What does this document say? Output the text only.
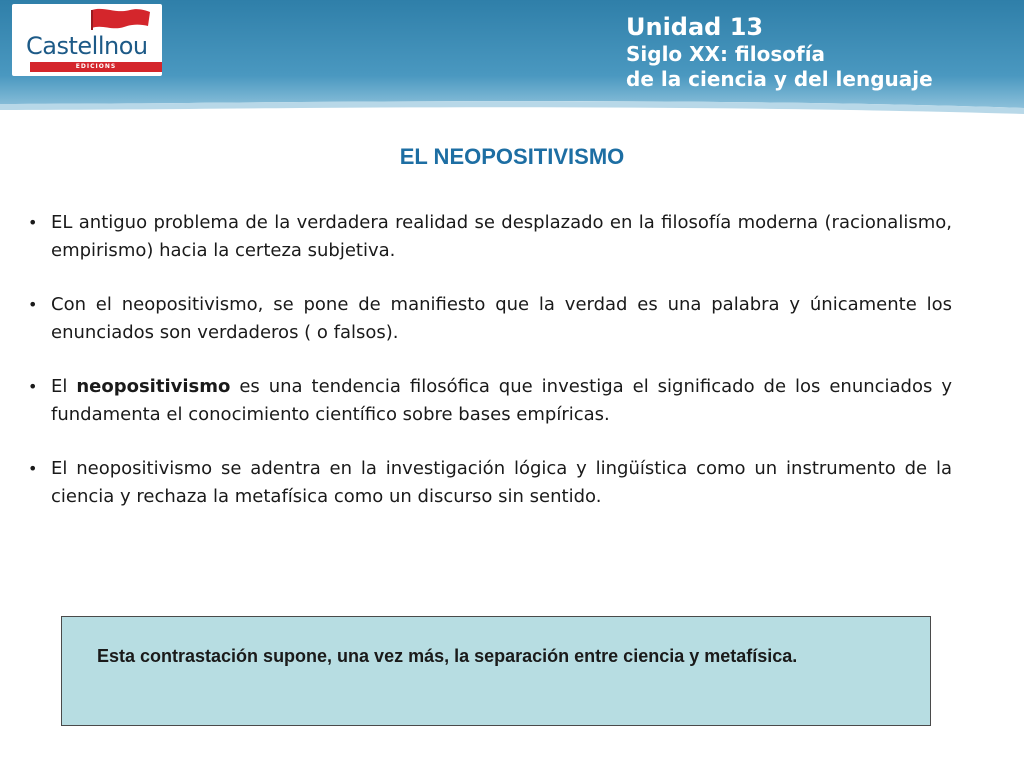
Castellnou
EDICIONS
Unidad 13
Siglo XX: filosofía
de la ciencia y del lenguaje
EL NEOPOSITIVISMO
• EL antiguo problema de la verdadera realidad se desplazado en la filosofía moderna (racionalismo, empirismo) hacia la certeza subjetiva.
• Con el neopositivismo, se pone de manifiesto que la verdad es una palabra y únicamente los enunciados son verdaderos ( o falsos).
• El neopositivismo es una tendencia filosófica que investiga el significado de los enunciados y fundamenta el conocimiento científico sobre bases empíricas.
• El neopositivismo se adentra en la investigación lógica y lingüística como un instrumento de la ciencia y rechaza la metafísica como un discurso sin sentido.
Esta contrastación supone, una vez más, la separación entre ciencia y metafísica.
